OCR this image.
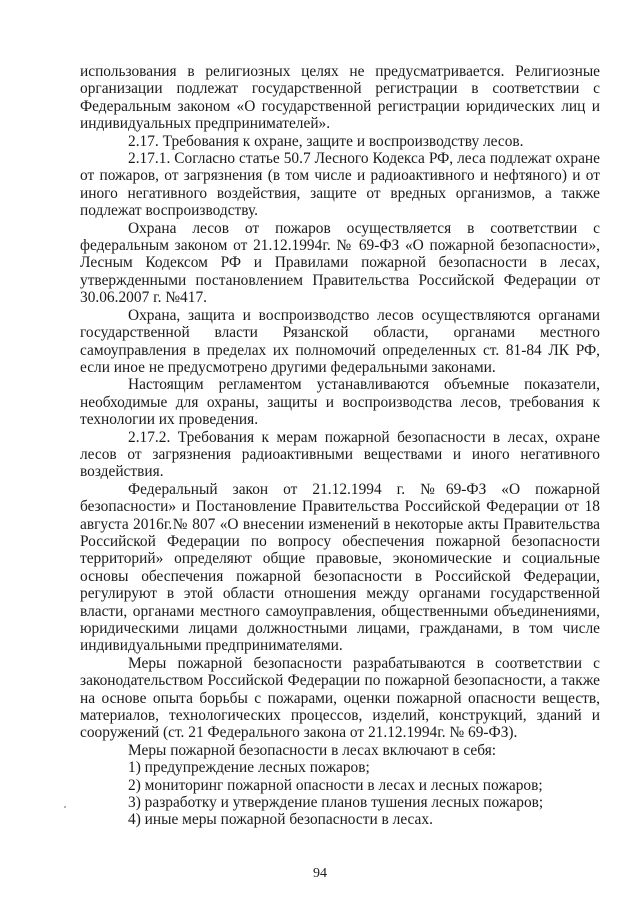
использования в религиозных целях не предусматривается. Религиозные организации подлежат государственной регистрации в соответствии с Федеральным законом «О государственной регистрации юридических лиц и индивидуальных предпринимателей».

2.17. Требования к охране, защите и воспроизводству лесов.

2.17.1. Согласно статье 50.7 Лесного Кодекса РФ, леса подлежат охране от пожаров, от загрязнения (в том числе и радиоактивного и нефтяного) и от иного негативного воздействия, защите от вредных организмов, а также подлежат воспроизводству.

Охрана лесов от пожаров осуществляется в соответствии с федеральным законом от 21.12.1994г. № 69-ФЗ «О пожарной безопасности», Лесным Кодексом РФ и Правилами пожарной безопасности в лесах, утвержденными постановлением Правительства Российской Федерации от 30.06.2007 г. №417.

Охрана, защита и воспроизводство лесов осуществляются органами государственной власти Рязанской области, органами местного самоуправления в пределах их полномочий определенных ст. 81-84 ЛК РФ, если иное не предусмотрено другими федеральными законами.

Настоящим регламентом устанавливаются объемные показатели, необходимые для охраны, защиты и воспроизводства лесов, требования к технологии их проведения.

2.17.2. Требования к мерам пожарной безопасности в лесах, охране лесов от загрязнения радиоактивными веществами и иного негативного воздействия.

Федеральный закон от 21.12.1994 г. №69-ФЗ «О пожарной безопасности» и Постановление Правительства Российской Федерации от 18 августа 2016г.№ 807 «О внесении изменений в некоторые акты Правительства Российской Федерации по вопросу обеспечения пожарной безопасности территорий» определяют общие правовые, экономические и социальные основы обеспечения пожарной безопасности в Российской Федерации, регулируют в этой области отношения между органами государственной власти, органами местного самоуправления, общественными объединениями, юридическими лицами должностными лицами, гражданами, в том числе индивидуальными предпринимателями.

Меры пожарной безопасности разрабатываются в соответствии с законодательством Российской Федерации по пожарной безопасности, а также на основе опыта борьбы с пожарами, оценки пожарной опасности веществ, материалов, технологических процессов, изделий, конструкций, зданий и сооружений (ст. 21 Федерального закона от 21.12.1994г. № 69-ФЗ).

Меры пожарной безопасности в лесах включают в себя:

1) предупреждение лесных пожаров;

2) мониторинг пожарной опасности в лесах и лесных пожаров;

3) разработку и утверждение планов тушения лесных пожаров;

4) иные меры пожарной безопасности в лесах.

94
